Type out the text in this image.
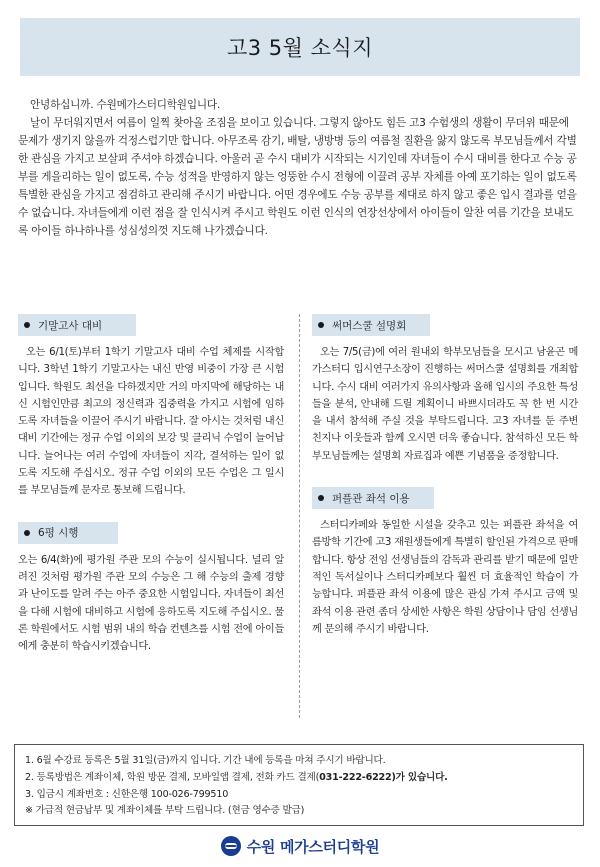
고3 5월 소식지

안녕하십니까. 수원메가스터디학원입니다.

날이 무더워지면서 여름이 일찍 찾아올 조짐을 보이고 있습니다. 그렇지 않아도 힘든 고3 수험생의 생활이 무더위 때문에 문제가 생기지 않을까 걱정스럽기만 합니다. 아무조록 감기, 배탈, 냉방병 등의 여름철 질환을 앓지 않도록 부모님들께서 각별한 관심을 가지고 보살펴 주셔야 하겠습니다. 아울러 곧 수시 대비가 시작되는 시기인데 자녀들이 수시 대비를 한다고 수능 공부를 게을리하는 일이 없도록, 수능 성적을 반영하지 않는 엉뚱한 수시 전형에 이끌려 공부 자체를 아예 포기하는 일이 없도록 특별한 관심을 가지고 점검하고 관리해 주시기 바랍니다. 어떤 경우에도 수능 공부를 제대로 하지 않고 좋은 입시 결과를 얻을 수 없습니다. 자녀들에게 이런 점을 잘 인식시켜 주시고 학원도 이런 인식의 연장선상에서 아이들이 알찬 여름 기간을 보내도록 아이들 하나하나를 성심성의껏 지도해 나가겠습니다.

기말고사 대비

오는 6/1(토)부터 1학기 기말고사 대비 수업 체제를 시작합니다. 3학년 1학기 기말고사는 내신 반영 비중이 가장 큰 시험입니다. 학원도 최선을 다하겠지만 거의 마지막에 해당하는 내신 시험인만큼 최고의 정신력과 집중력을 가지고 시험에 임하도록 자녀들을 이끌어 주시기 바랍니다. 잘 아시는 것처럼 내신대비 기간에는 정규 수업 이외의 보강 및 클리닉 수업이 늘어납니다. 늘어나는 여러 수업에 자녀들이 지각, 결석하는 일이 없도록 지도해 주십시오. 정규 수업 이외의 모든 수업은 그 일시를 부모님들께 문자로 통보해 드립니다.

6평 시행

오는 6/4(화)에 평가원 주관 모의 수능이 실시됩니다. 널리 알려진 것처럼 평가원 주관 모의 수능은 그 해 수능의 출제 경향과 난이도를 알려 주는 아주 중요한 시험입니다. 자녀들이 최선을 다해 시험에 대비하고 시험에 응하도록 지도해 주십시오. 물론 학원에서도 시험 범위 내의 학습 컨텐츠를 시험 전에 아이들에게 충분히 학습시키겠습니다.

써머스쿨 설명회

오는 7/5(금)에 여러 원내외 학부모님들을 모시고 남윤곤 메가스터디 입시연구소장이 진행하는 써머스쿨 설명회를 개최합니다. 수시 대비 여러가지 유의사항과 올해 입시의 주요한 특성들을 분석, 안내해 드릴 계획이니 바쁘시더라도 꼭 한 번 시간을 내서 참석해 주실 것을 부탁드립니다. 고3 자녀를 둔 주변 친지나 이웃들과 함께 오시면 더욱 좋습니다. 참석하신 모든 학부모님들께는 설명회 자료집과 예쁜 기념품을 증정합니다.

퍼플관 좌석 이용

스터디카페와 동일한 시설을 갖추고 있는 퍼플관 좌석을 여름방학 기간에 고3 재원생들에게 특별히 할인된 가격으로 판매합니다. 항상 전임 선생님들의 감독과 관리를 받기 때문에 일반적인 독서실이나 스터디카페보다 훨씬 더 효율적인 학습이 가능합니다. 퍼플관 좌석 이용에 많은 관심 가져 주시고 금액 및 좌석 이용 관련 좀더 상세한 사항은 학원 상담이나 담임 선생님께 문의해 주시기 바랍니다.

1. 6월 수강료 등록은 5월 31일(금)까지 입니다. 기간 내에 등록을 마쳐 주시기 바랍니다.

2. 등록방법은 계좌이체, 학원 방문 결제, 모바일앱 결제, 전화 카드 결제(031-222-6222)가 있습니다.

3. 입금시 계좌번호 : 신한은행 100-026-799510

※ 가급적 현금납부 및 계좌이체를 부탁 드립니다. (현금 영수증 발급)

수원 메가스터디학원
